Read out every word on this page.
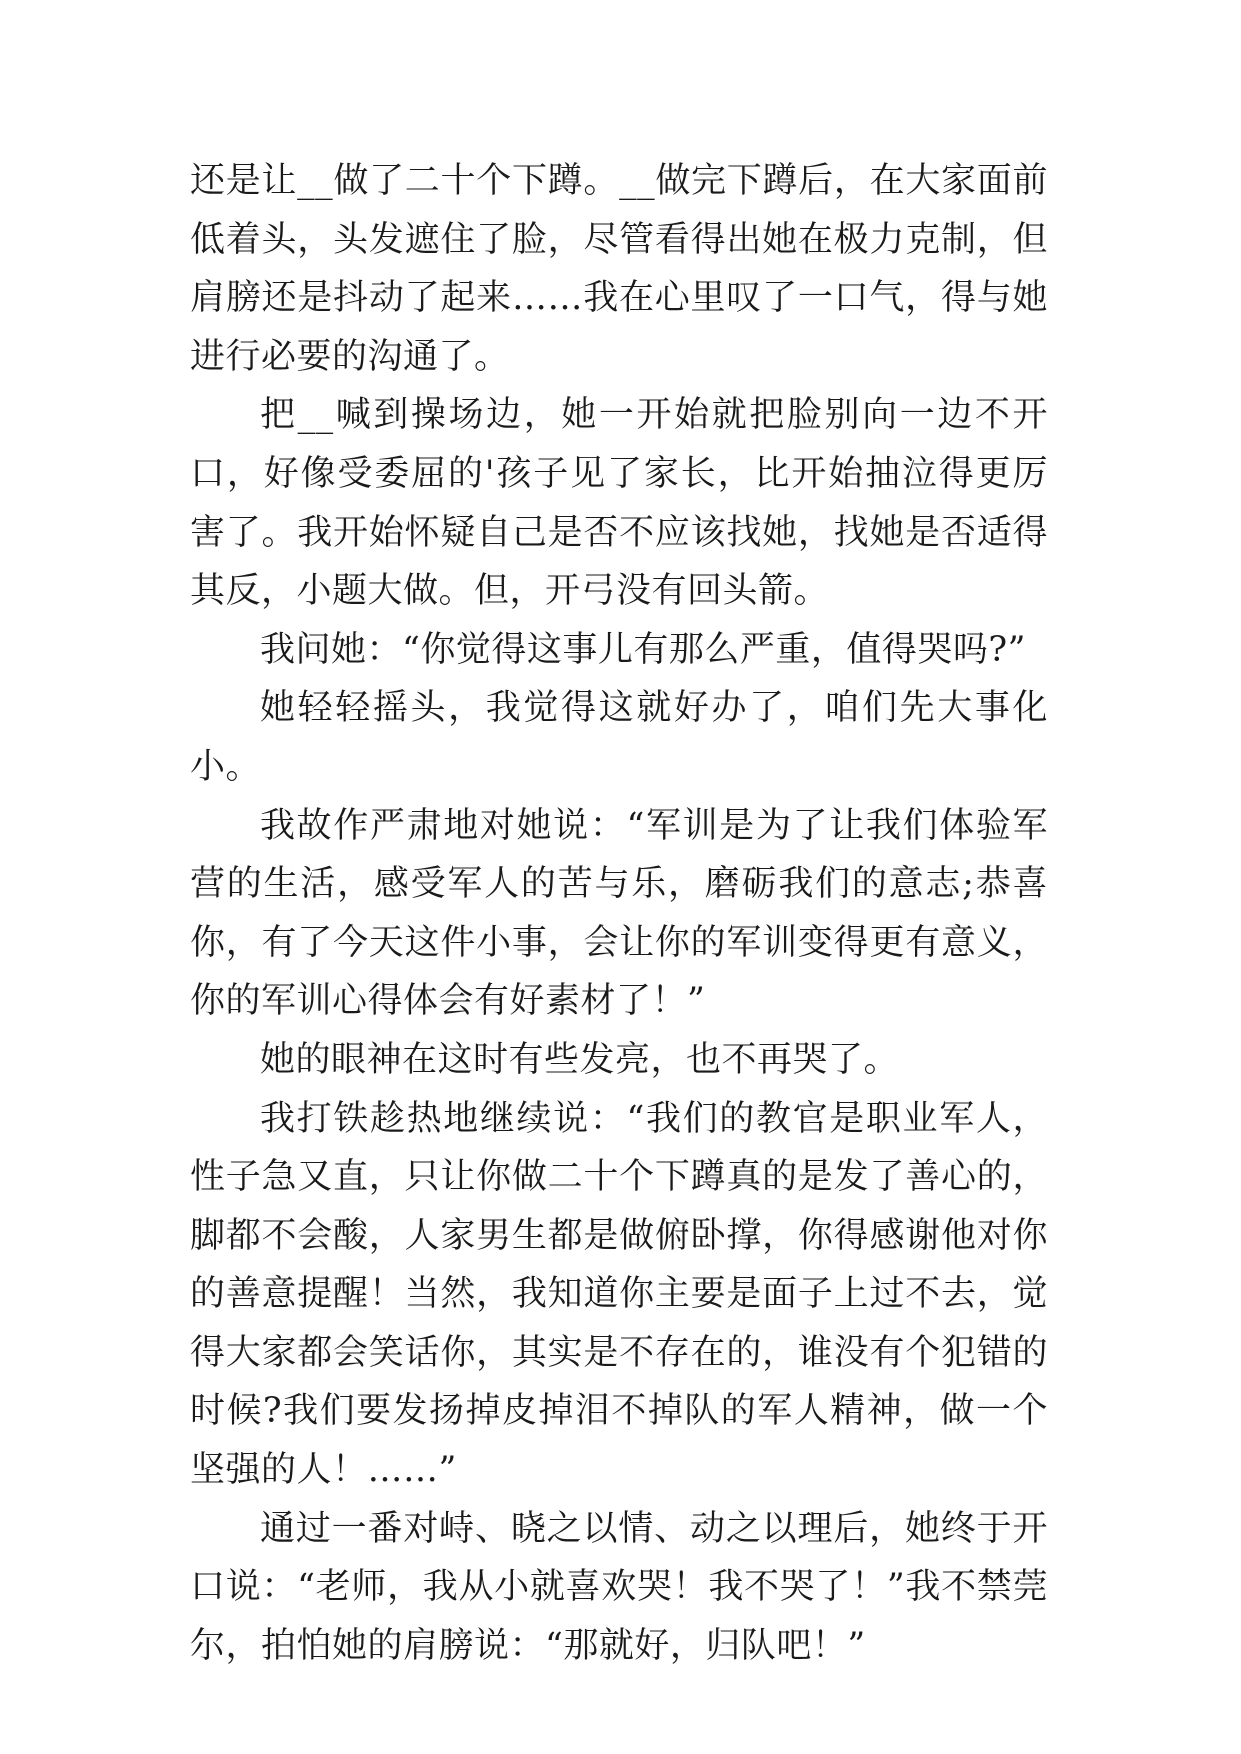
还是让__做了二十个下蹲。__做完下蹲后，在大家面前低着头，头发遮住了脸，尽管看得出她在极力克制，但肩膀还是抖动了起来……我在心里叹了一口气，得与她进行必要的沟通了。

把__喊到操场边，她一开始就把脸别向一边不开口，好像受委屈的'孩子见了家长，比开始抽泣得更厉害了。我开始怀疑自己是否不应该找她，找她是否适得其反，小题大做。但，开弓没有回头箭。

我问她：“你觉得这事儿有那么严重，值得哭吗?”

她轻轻摇头，我觉得这就好办了，咱们先大事化小。

我故作严肃地对她说：“军训是为了让我们体验军营的生活，感受军人的苦与乐，磨砺我们的意志;恭喜你，有了今天这件小事，会让你的军训变得更有意义，你的军训心得体会有好素材了！”

她的眼神在这时有些发亮，也不再哭了。

我打铁趁热地继续说：“我们的教官是职业军人，性子急又直，只让你做二十个下蹲真的是发了善心的，脚都不会酸，人家男生都是做俯卧撑，你得感谢他对你的善意提醒！当然，我知道你主要是面子上过不去，觉得大家都会笑话你，其实是不存在的，谁没有个犯错的时候?我们要发扬掉皮掉泪不掉队的军人精神，做一个坚强的人！……”

通过一番对峙、晓之以情、动之以理后，她终于开口说：“老师，我从小就喜欢哭！我不哭了！”我不禁莞尔，拍怕她的肩膀说：“那就好，归队吧！”
